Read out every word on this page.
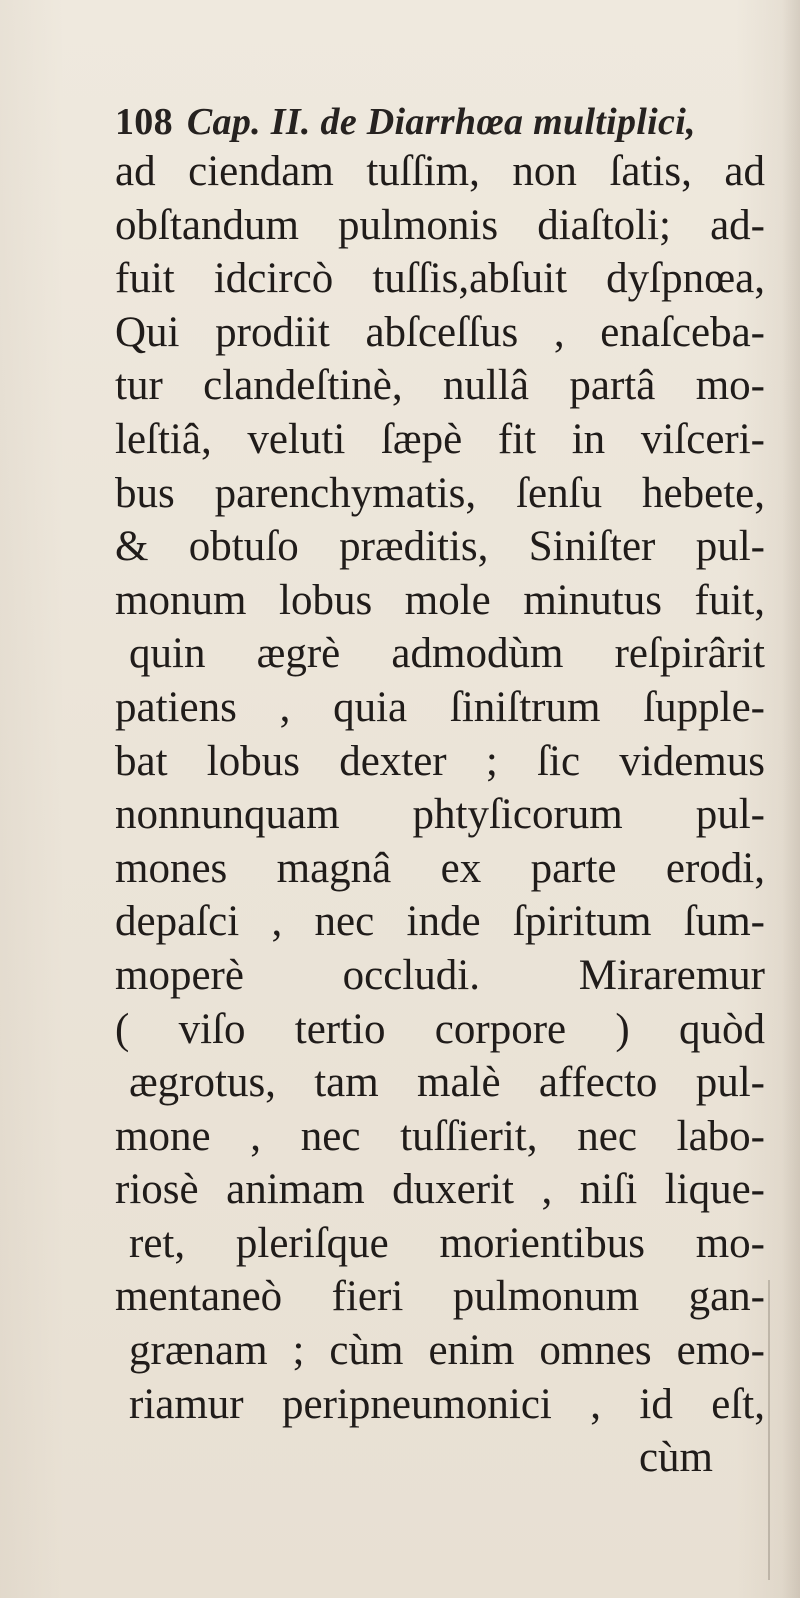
108 Cap. II. de Diarrhœa multiplici,
ad ciendam tuſſim, non ſatis, ad
obſtandum pulmonis diaſtoli; ad-
fuit idcircò tuſſis,abſuit dyſpnœa,
Qui prodiit abſceſſus , enaſceba-
tur clandeſtinè, nullâ partâ mo-
leſtiâ, veluti ſæpè fit in viſceri-
bus parenchymatis, ſenſu hebete,
& obtuſo præditis, Siniſter pul-
monum lobus mole minutus fuit,
quin ægrè admodùm reſpirârit
patiens , quia ſiniſtrum ſupple-
bat lobus dexter ; ſic videmus
nonnunquam phtyſicorum pul-
mones magnâ ex parte erodi,
depaſci , nec inde ſpiritum ſum-
moperè occludi. Miraremur
( viſo tertio corpore ) quòd
ægrotus, tam malè affecto pul-
mone , nec tuſſierit, nec labo-
riosè animam duxerit , niſi lique-
ret, pleriſque morientibus mo-
mentaneò fieri pulmonum gan-
grænam ; cùm enim omnes emo-
riamur peripneumonici , id eſt,
cùm
